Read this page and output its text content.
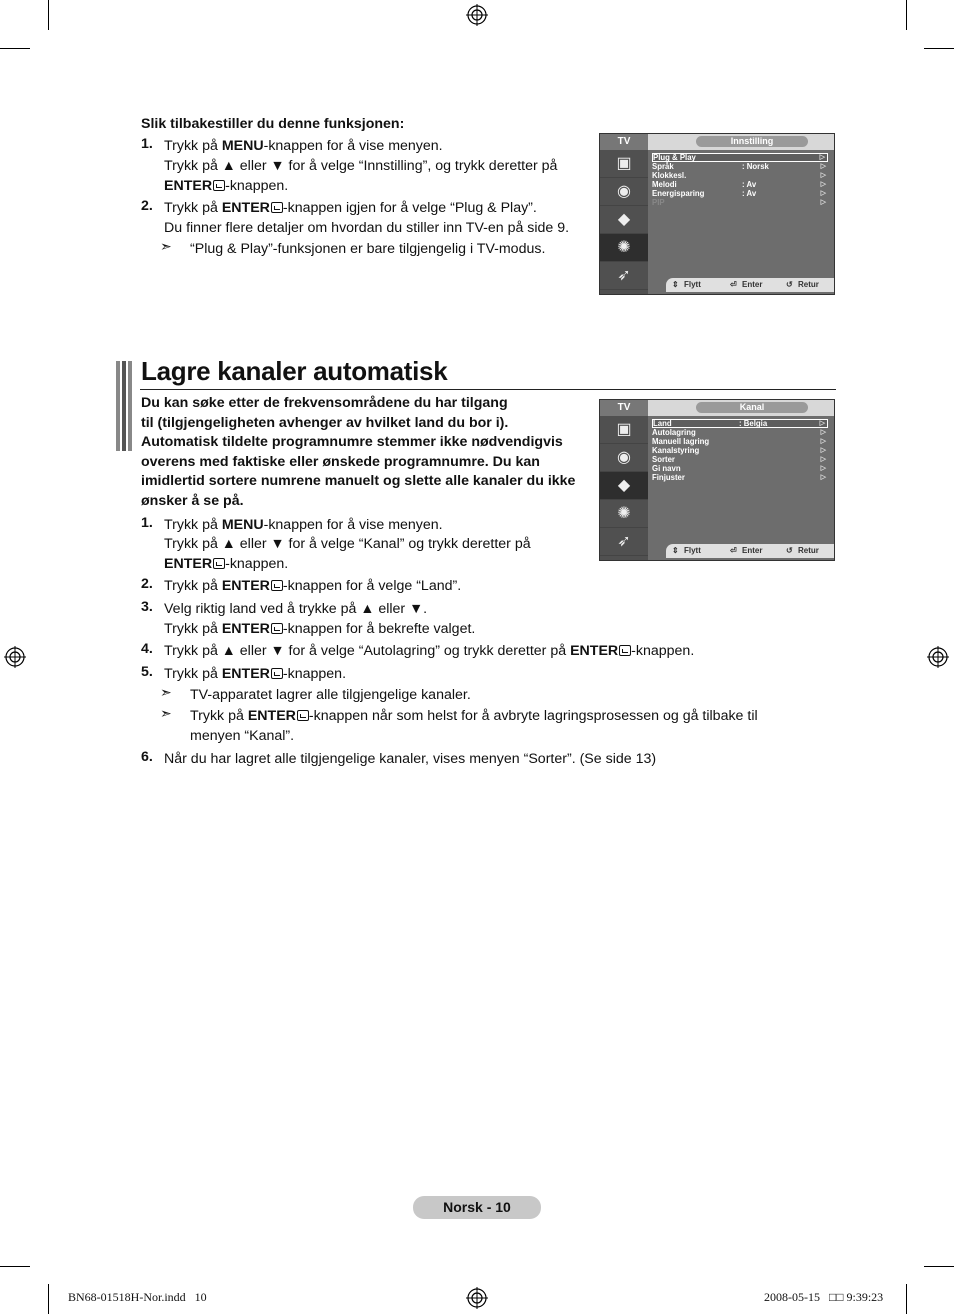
Slik tilbakestiller du denne funksjonen:
1. Trykk på MENU-knappen for å vise menyen.
Trykk på ▲ eller ▼ for å velge “Innstilling”, og trykk deretter på
ENTER -knappen.
2. Trykk på ENTER -knappen igjen for å velge “Plug & Play”.
Du finner flere detaljer om hvordan du stiller inn TV-en på side 9.
➣ “Plug & Play”-funksjonen er bare tilgjengelig i TV-modus.
TV	Innstilling
▣
◉
◆
✺
➶
Plug & Play	▷
Språk	: Norsk	▷
Klokkesl.	▷
Melodi	: Av	▷
Energisparing	: Av	▷
PIP	▷
⇕ Flytt	⏎ Enter	↺ Retur
Lagre kanaler automatisk
Du kan søke etter de frekvensområdene du har tilgang
til (tilgjengeligheten avhenger av hvilket land du bor i).
Automatisk tildelte programnumre stemmer ikke nødvendigvis
overens med faktiske eller ønskede programnumre. Du kan
imidlertid sortere numrene manuelt og slette alle kanaler du ikke
ønsker å se på.
1. Trykk på MENU-knappen for å vise menyen.
Trykk på ▲ eller ▼ for å velge “Kanal” og trykk deretter på
ENTER -knappen.
2. Trykk på ENTER -knappen for å velge “Land”.
3. Velg riktig land ved å trykke på ▲ eller ▼.
Trykk på ENTER -knappen for å bekrefte valget.
4. Trykk på ▲ eller ▼ for å velge “Autolagring” og trykk deretter på ENTER -knappen.
5. Trykk på ENTER -knappen.
➣ TV-apparatet lagrer alle tilgjengelige kanaler.
➣ Trykk på ENTER -knappen når som helst for å avbryte lagringsprosessen og gå tilbake til
menyen “Kanal”.
6. Når du har lagret alle tilgjengelige kanaler, vises menyen “Sorter”. (Se side 13)
TV	Kanal
▣
◉
◆
✺
➶
Land	: Belgia	▷
Autolagring	▷
Manuell lagring	▷
Kanalstyring	▷
Sorter	▷
Gi navn	▷
Finjuster	▷
⇕ Flytt	⏎ Enter	↺ Retur
Norsk - 10
BN68-01518H-Nor.indd   10	2008-05-15   □□ 9:39:23
